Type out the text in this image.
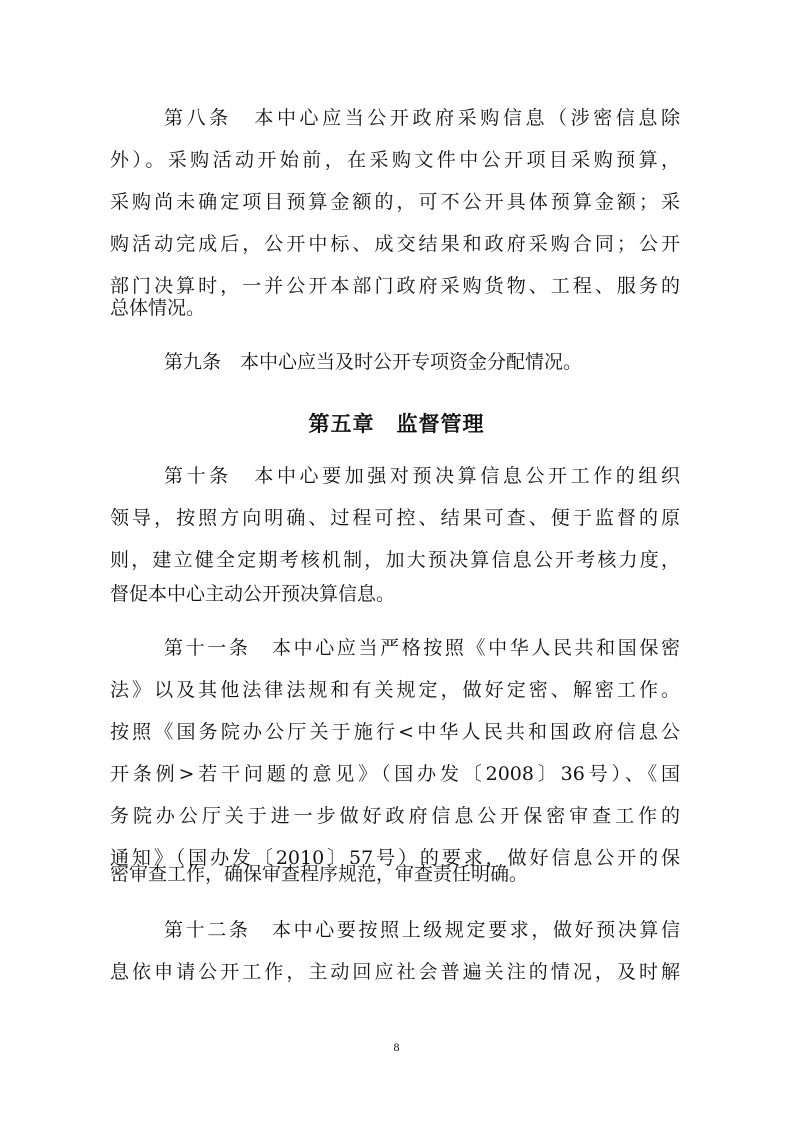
第八条　本中心应当公开政府采购信息（涉密信息除
外）。采购活动开始前，在采购文件中公开项目采购预算，
采购尚未确定项目预算金额的，可不公开具体预算金额；采
购活动完成后，公开中标、成交结果和政府采购合同；公开
部门决算时，一并公开本部门政府采购货物、工程、服务的
总体情况。
第九条　本中心应当及时公开专项资金分配情况。
第五章　监督管理
第十条　本中心要加强对预决算信息公开工作的组织
领导，按照方向明确、过程可控、结果可查、便于监督的原
则，建立健全定期考核机制，加大预决算信息公开考核力度，
督促本中心主动公开预决算信息。
第十一条　本中心应当严格按照《中华人民共和国保密
法》以及其他法律法规和有关规定，做好定密、解密工作。
按照《国务院办公厅关于施行<中华人民共和国政府信息公
开条例>若干问题的意见》（国办发〔2008〕36号）、《国
务院办公厅关于进一步做好政府信息公开保密审查工作的
通知》（国办发〔2010〕57号）的要求，做好信息公开的保
密审查工作，确保审查程序规范，审查责任明确。
第十二条　本中心要按照上级规定要求，做好预决算信
息依申请公开工作，主动回应社会普遍关注的情况，及时解
8
